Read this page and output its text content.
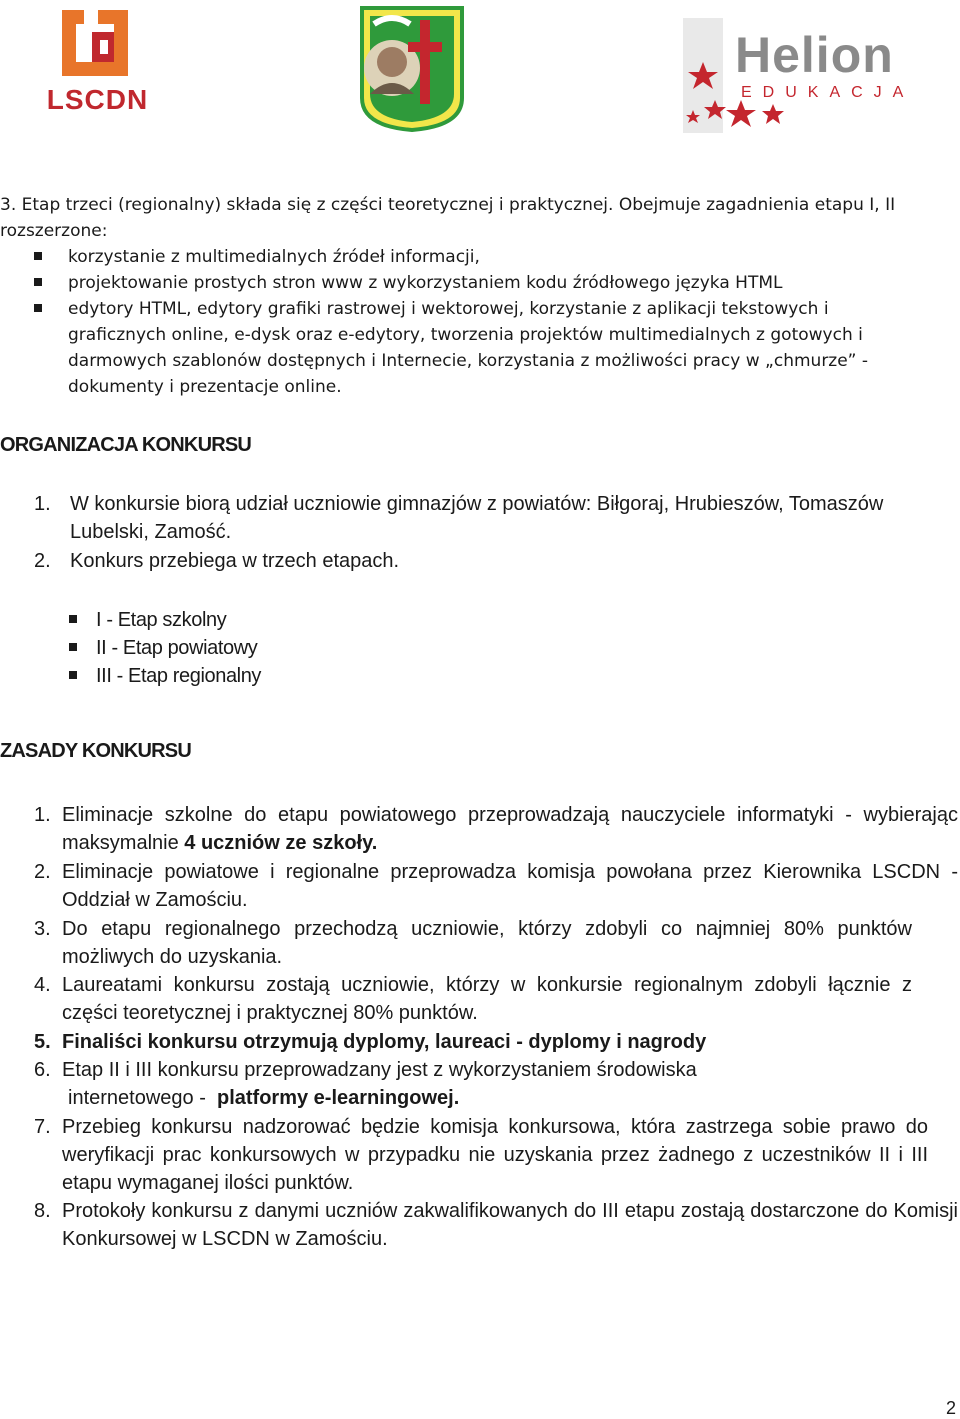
LSCDN
Helion
EDUKACJA

3. Etap trzeci (regionalny) składa się z części teoretycznej i praktycznej. Obejmuje zagadnienia etapu I, II rozszerzone:

korzystanie z multimedialnych źródeł informacji,
projektowanie prostych stron www z wykorzystaniem kodu źródłowego języka HTML
edytory HTML, edytory grafiki rastrowej i wektorowej, korzystanie z aplikacji tekstowych i graficznych online, e-dysk oraz e-edytory, tworzenia projektów multimedialnych z gotowych i darmowych szablonów dostępnych i Internecie, korzystania z możliwości pracy w „chmurze” - dokumenty i prezentacje online.
ORGANIZACJA KONKURSU
1. W konkursie biorą udział uczniowie gimnazjów z powiatów: Biłgoraj, Hrubieszów, Tomaszów Lubelski, Zamość.
2. Konkurs przebiega w trzech etapach.
I - Etap szkolny
II - Etap powiatowy
III - Etap regionalny
ZASADY KONKURSU
1. Eliminacje szkolne do etapu powiatowego przeprowadzają nauczyciele informatyki - wybierając maksymalnie 4 uczniów ze szkoły.
2. Eliminacje powiatowe i regionalne przeprowadza komisja powołana przez Kierownika LSCDN - Oddział w Zamościu.
3. Do etapu regionalnego przechodzą uczniowie, którzy zdobyli co najmniej 80% punktów możliwych do uzyskania.
4. Laureatami konkursu zostają uczniowie, którzy w konkursie regionalnym zdobyli łącznie z części teoretycznej i praktycznej 80% punktów.
5. Finaliści konkursu otrzymują dyplomy, laureaci - dyplomy i nagrody
6. Etap II i III konkursu przeprowadzany jest z wykorzystaniem środowiska
internetowego - platformy e-learningowej.
7. Przebieg konkursu nadzorować będzie komisja konkursowa, która zastrzega sobie prawo do weryfikacji prac konkursowych w przypadku nie uzyskania przez żadnego z uczestników II i III etapu wymaganej ilości punktów.
8. Protokoły konkursu z danymi uczniów zakwalifikowanych do III etapu zostają dostarczone do Komisji Konkursowej w LSCDN w Zamościu.
2
